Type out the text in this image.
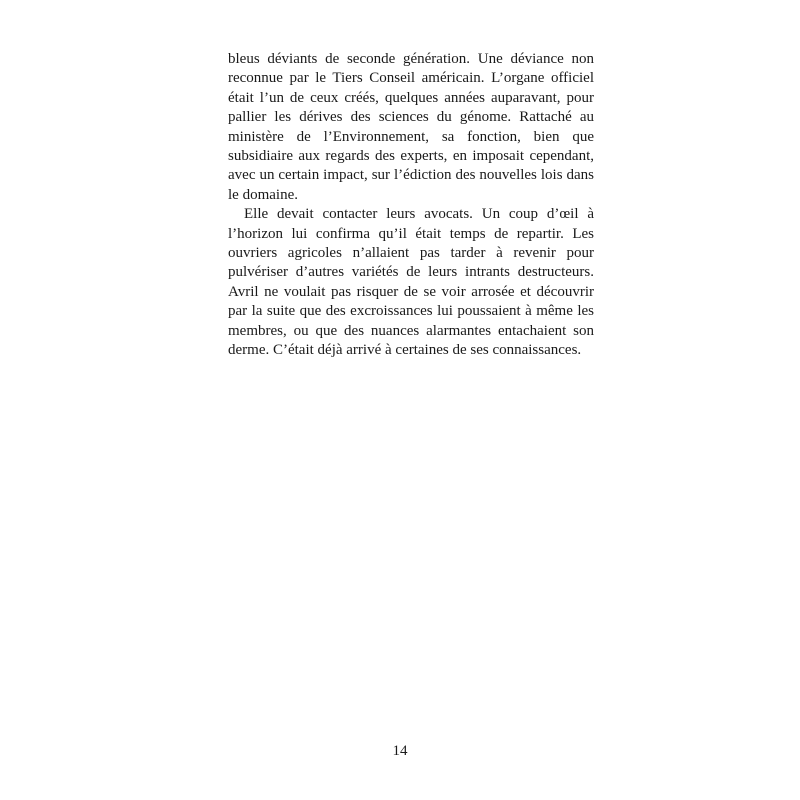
bleus déviants de seconde génération. Une déviance non reconnue par le Tiers Conseil américain. L’organe officiel était l’un de ceux créés, quelques années auparavant, pour pallier les dérives des sciences du génome. Rattaché au ministère de l’Environnement, sa fonction, bien que subsidiaire aux regards des experts, en imposait cependant, avec un certain impact, sur l’édiction des nouvelles lois dans le domaine.

Elle devait contacter leurs avocats. Un coup d’œil à l’horizon lui confirma qu’il était temps de repartir. Les ouvriers agricoles n’allaient pas tarder à revenir pour pulvériser d’autres variétés de leurs intrants destructeurs. Avril ne voulait pas risquer de se voir arrosée et découvrir par la suite que des excroissances lui poussaient à même les membres, ou que des nuances alarmantes entachaient son derme. C’était déjà arrivé à certaines de ses connaissances.

14
